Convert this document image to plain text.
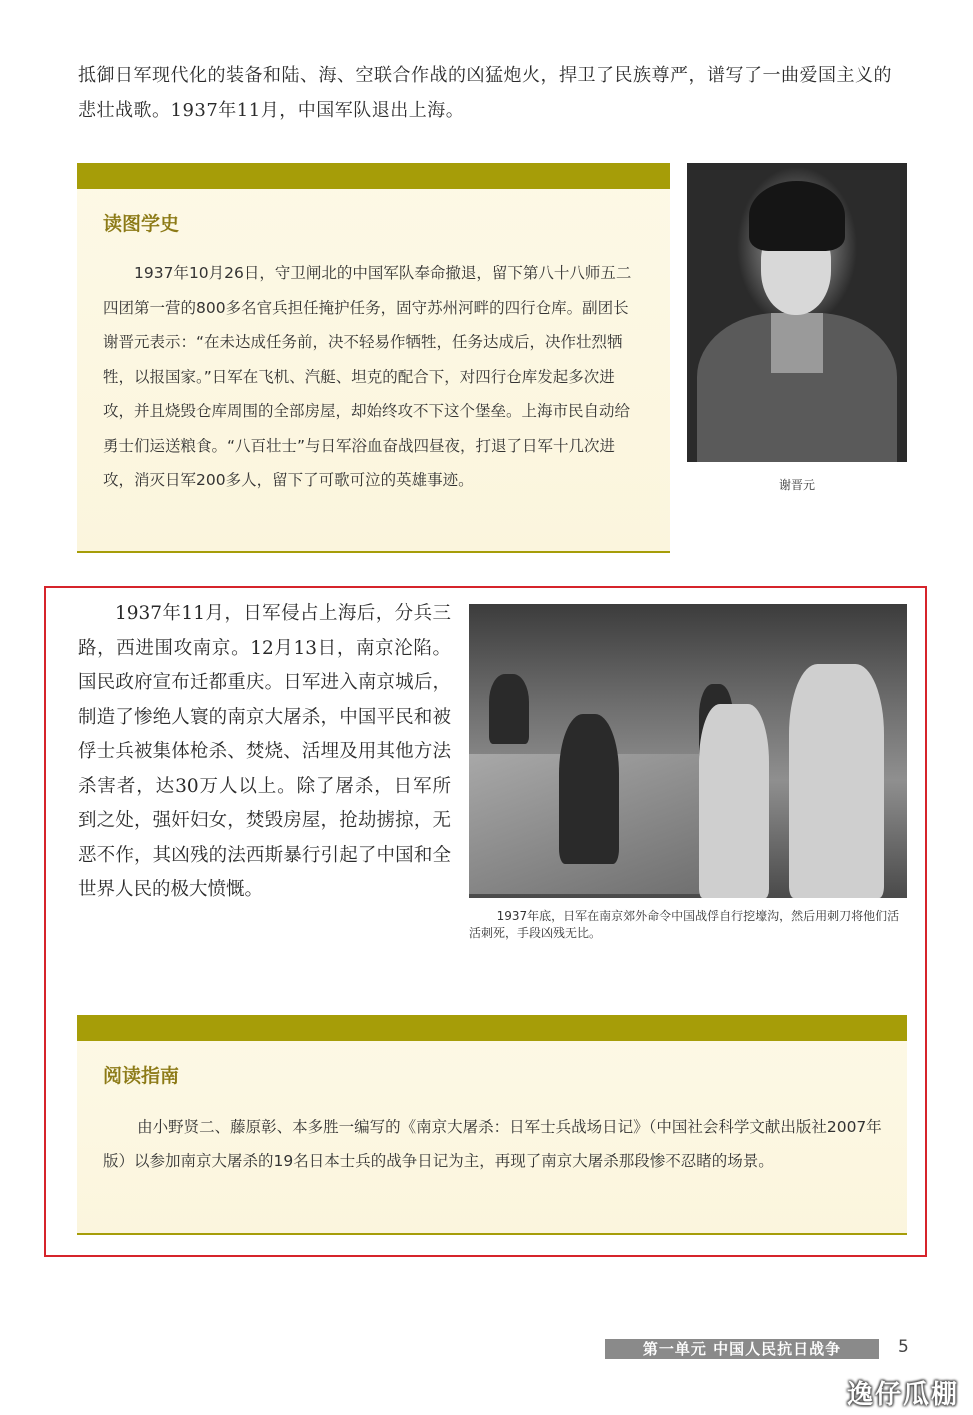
抵御日军现代化的装备和陆、海、空联合作战的凶猛炮火，捍卫了民族尊严，谱写了一曲爱国主义的悲壮战歌。1937年11月，中国军队退出上海。
读图学史
1937年10月26日，守卫闸北的中国军队奉命撤退，留下第八十八师五二四团第一营的800多名官兵担任掩护任务，固守苏州河畔的四行仓库。副团长谢晋元表示：“在未达成任务前，决不轻易作牺牲，任务达成后，决作壮烈牺牲，以报国家。”日军在飞机、汽艇、坦克的配合下，对四行仓库发起多次进攻，并且烧毁仓库周围的全部房屋，却始终攻不下这个堡垒。上海市民自动给勇士们运送粮食。“八百壮士”与日军浴血奋战四昼夜，打退了日军十几次进攻，消灭日军200多人，留下了可歌可泣的英雄事迹。	谢晋元
1937年11月，日军侵占上海后，分兵三路，西进围攻南京。12月13日，南京沦陷。国民政府宣布迁都重庆。日军进入南京城后，制造了惨绝人寰的南京大屠杀，中国平民和被俘士兵被集体枪杀、焚烧、活埋及用其他方法杀害者，达30万人以上。除了屠杀，日军所到之处，强奸妇女，焚毁房屋，抢劫掳掠，无恶不作，其凶残的法西斯暴行引起了中国和全世界人民的极大愤慨。
1937年底，日军在南京郊外命令中国战俘自行挖壕沟，然后用刺刀将他们活活刺死，手段凶残无比。
阅读指南
由小野贤二、藤原彰、本多胜一编写的《南京大屠杀：日军士兵战场日记》（中国社会科学文献出版社2007年版）以参加南京大屠杀的19名日本士兵的战争日记为主，再现了南京大屠杀那段惨不忍睹的场景。
第一单元 中国人民抗日战争	5
逸仔瓜棚
